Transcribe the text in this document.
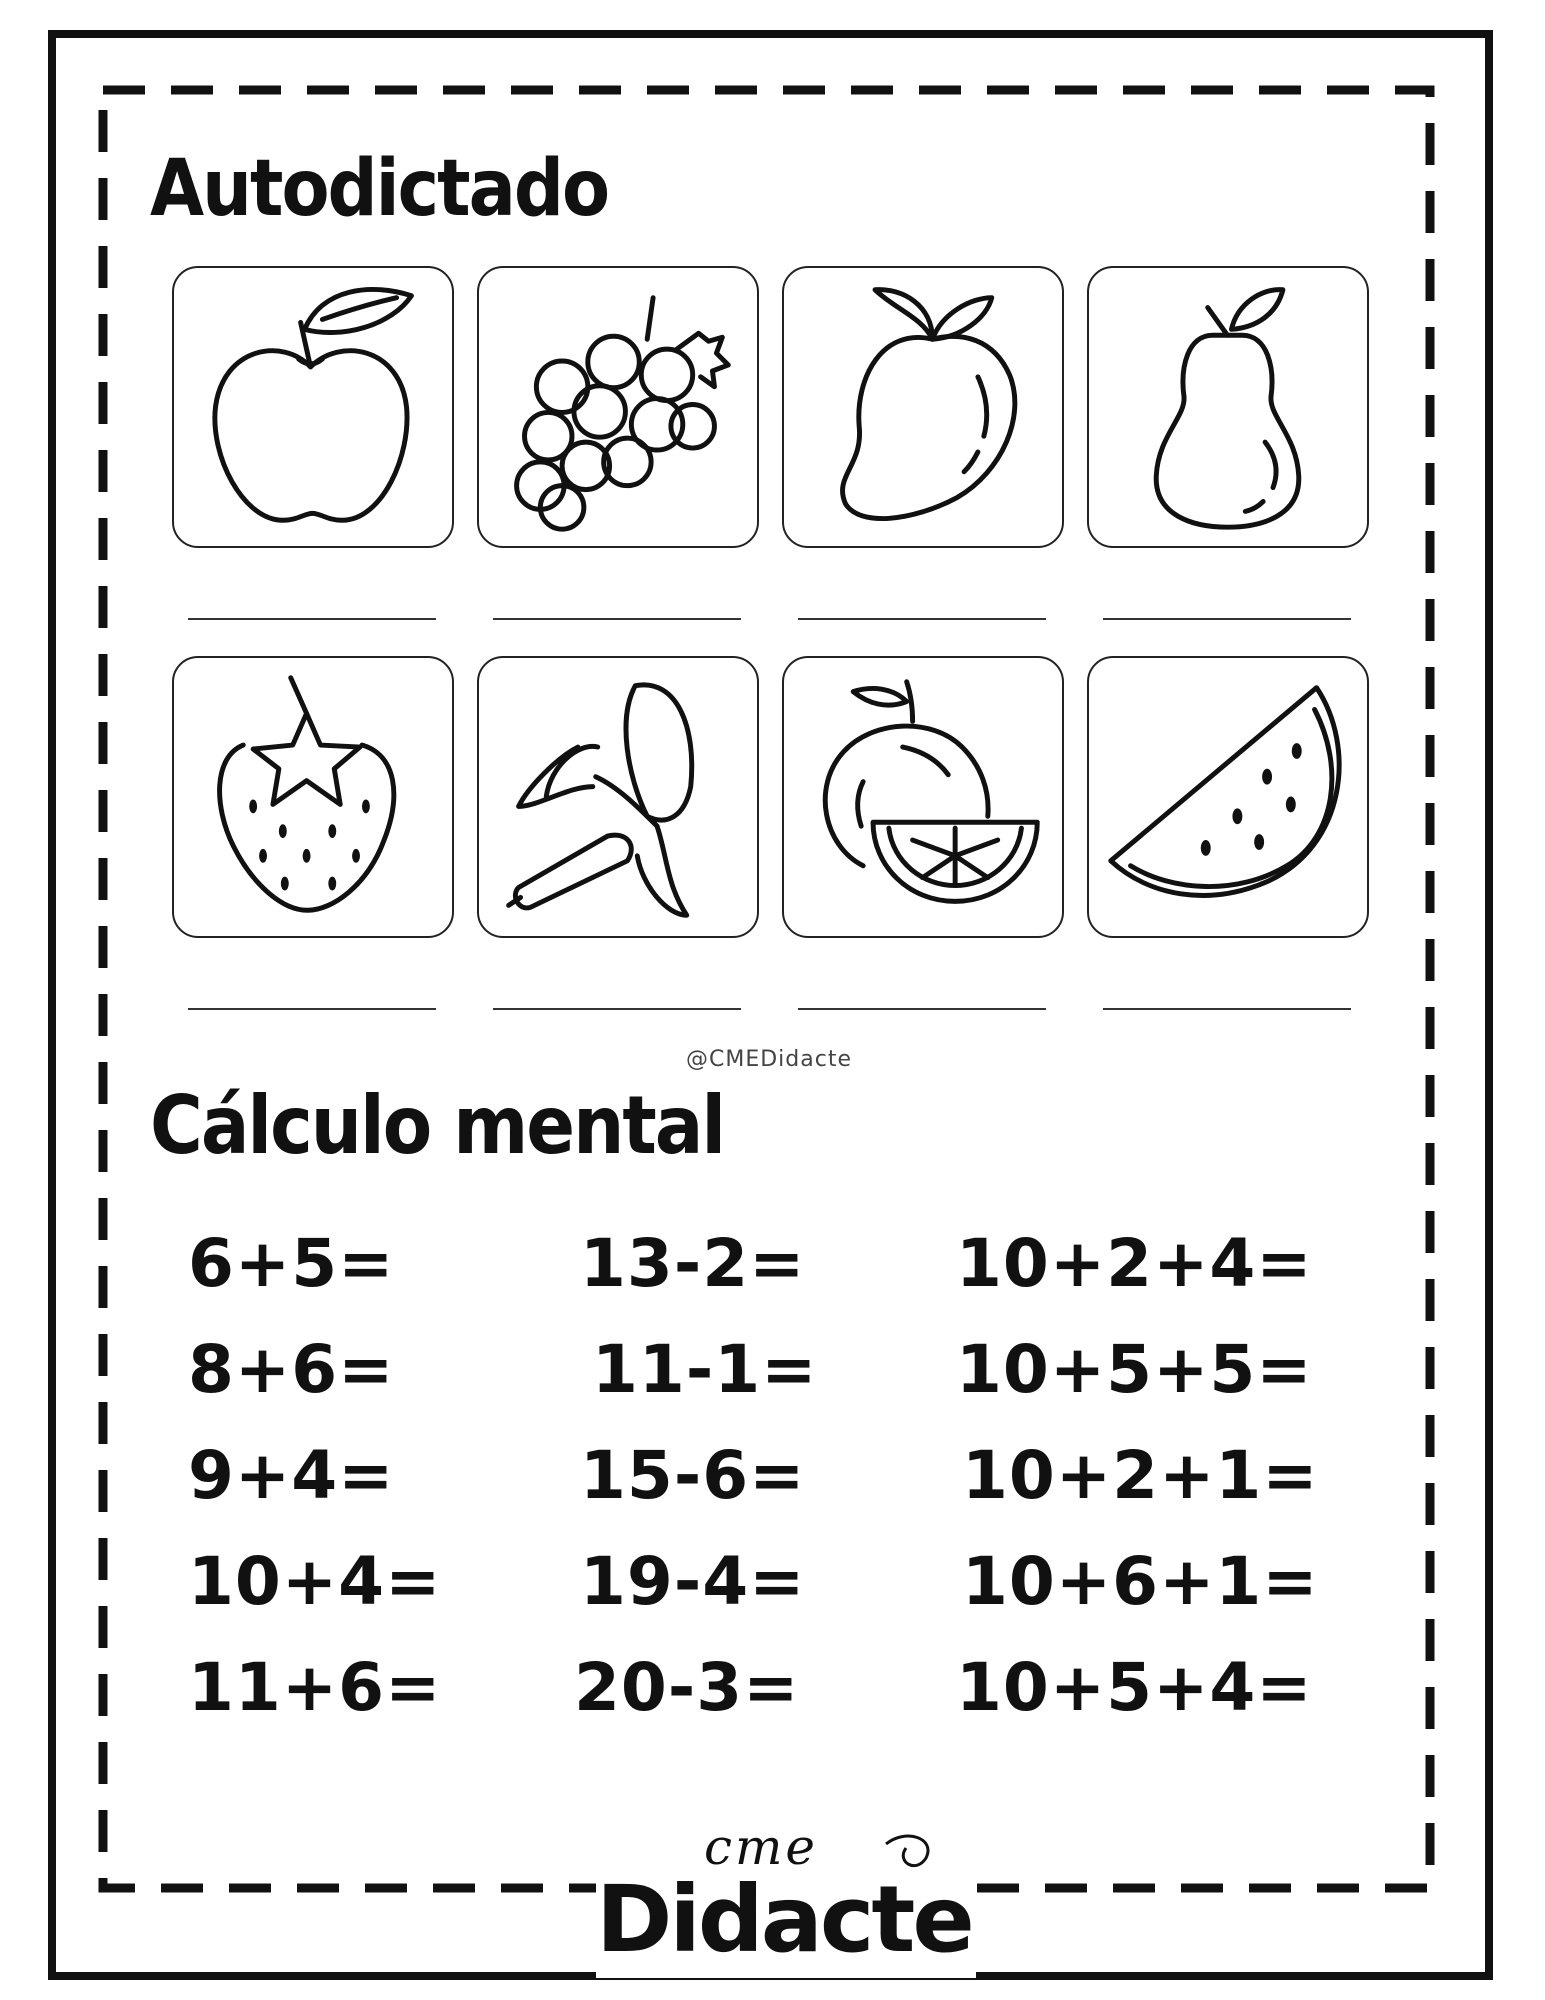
Autodictado
@CMEDidacte
Cálculo mental
6+5=
8+6=
9+4=
10+4=
11+6=
13-2=
11-1=
15-6=
19-4=
20-3=
10+2+4=
10+5+5=
10+2+1=
10+6+1=
10+5+4=
cme
Didacte
